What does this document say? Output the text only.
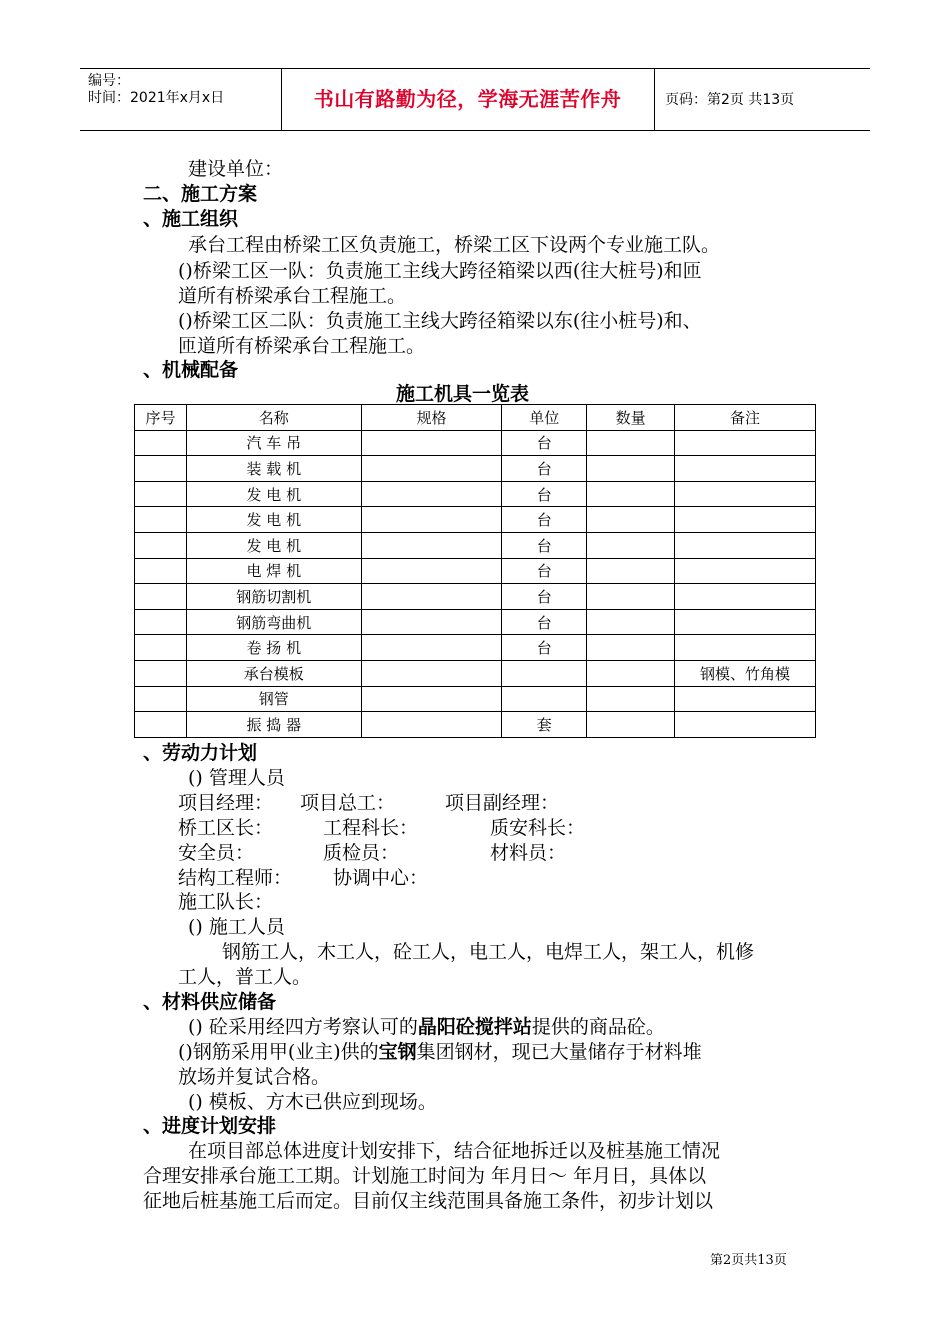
编号：
时间：2021年x月x日	书山有路勤为径，学海无涯苦作舟	页码：第2页 共13页
建设单位：
二、施工方案
、施工组织
承台工程由桥梁工区负责施工，桥梁工区下设两个专业施工队。
()桥梁工区一队：负责施工主线大跨径箱梁以西(往大桩号)和匝
道所有桥梁承台工程施工。
()桥梁工区二队：负责施工主线大跨径箱梁以东(往小桩号)和、
匝道所有桥梁承台工程施工。
、机械配备
施工机具一览表
序号	名称	规格	单位	数量	备注
	汽 车 吊		台		
	装 载 机		台		
	发 电 机		台		
	发 电 机		台		
	发 电 机		台		
	电 焊 机		台		
	钢筋切割机		台		
	钢筋弯曲机		台		
	卷 扬 机		台		
	承台模板				钢模、竹角模
	钢管				
	振 捣 器		套		
、劳动力计划
() 管理人员
项目经理： 项目总工：	项目副经理：
桥工区长：	工程科长：	质安科长：
安全员：	质检员：	材料员：
结构工程师： 协调中心：
施工队长：
() 施工人员
钢筋工人，木工人，砼工人，电工人，电焊工人，架工人，机修
工人，普工人。
、材料供应储备
() 砼采用经四方考察认可的晶阳砼搅拌站提供的商品砼。
()钢筋采用甲(业主)供的宝钢集团钢材，现已大量储存于材料堆
放场并复试合格。
() 模板、方木已供应到现场。
、进度计划安排
在项目部总体进度计划安排下，结合征地拆迁以及桩基施工情况
合理安排承台施工工期。计划施工时间为 年月日～ 年月日，具体以
征地后桩基施工后而定。目前仅主线范围具备施工条件，初步计划以
第2页共13页
